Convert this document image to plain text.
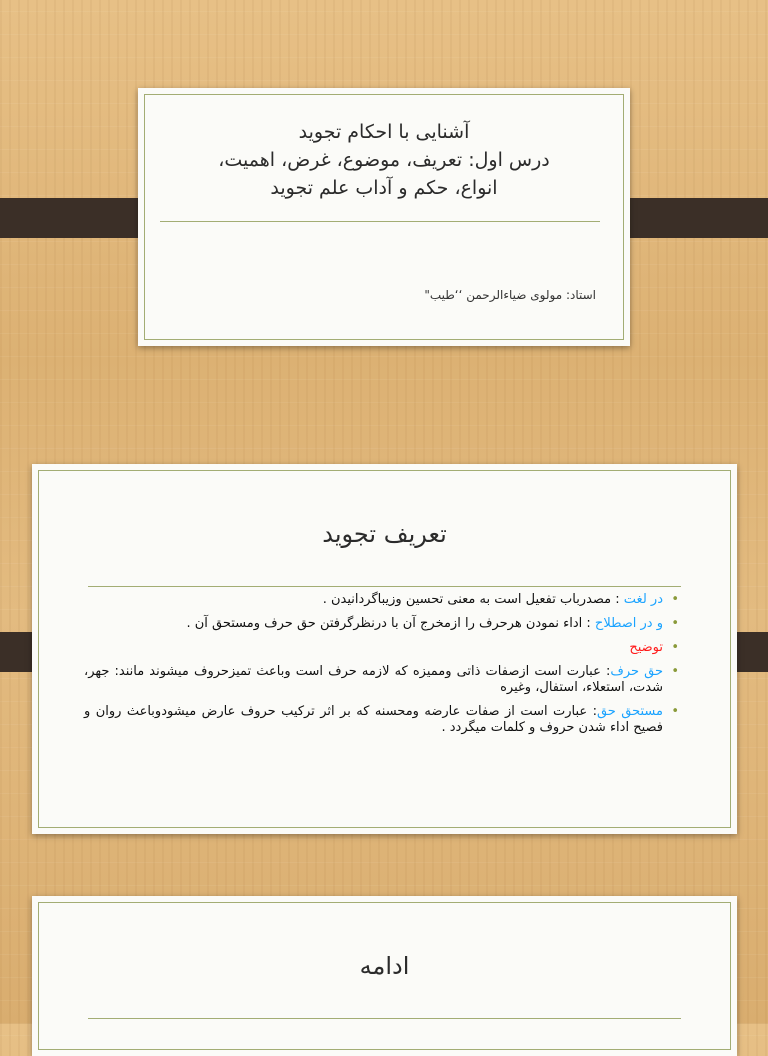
آشنایی با احکام تجوید
درس اول: تعریف، موضوع، غرض، اهمیت،
انواع، حکم و آداب علم تجوید
استاد: مولوی ضیاءالرحمن ‘‘طیب"
تعریف تجوید
•
در لغت : مصدرباب تفعیل است به معنی تحسین وزیباگردانیدن .
•
و در اصطلاح : اداء نمودن هرحرف را ازمخرج آن با درنظرگرفتن حق حرف ومستحق آن .
•
توضیح
•
حق حرف: عبارت است ازصفات ذاتی ومميزه که لازمه حرف است وباعث تمیزحروف میشوند مانند: جهر، شدت، استعلاء، استفال، وغیره
•
مستحق حق: عبارت است از صفات عارضه ومحسنه که بر اثر ترکیب حروف عارض میشودوباعث روان و فصیح اداء شدن حروف و کلمات میگردد .
ادامه
